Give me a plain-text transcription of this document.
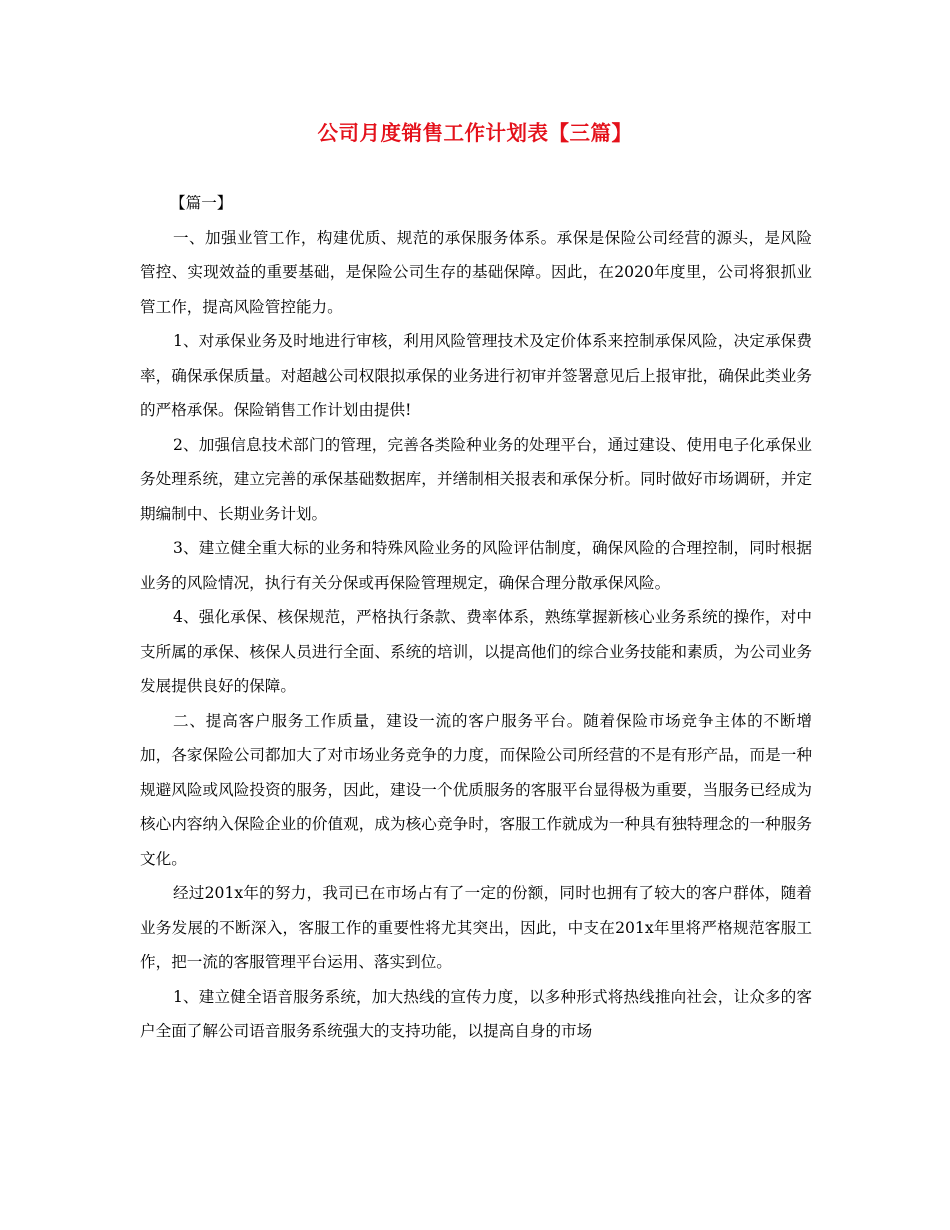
公司月度销售工作计划表【三篇】

【篇一】

一、加强业管工作，构建优质、规范的承保服务体系。承保是保险公司经营的源头，是风险管控、实现效益的重要基础，是保险公司生存的基础保障。因此，在2020年度里，公司将狠抓业管工作，提高风险管控能力。

1、对承保业务及时地进行审核，利用风险管理技术及定价体系来控制承保风险，决定承保费率，确保承保质量。对超越公司权限拟承保的业务进行初审并签署意见后上报审批，确保此类业务的严格承保。保险销售工作计划由提供!

2、加强信息技术部门的管理，完善各类险种业务的处理平台，通过建设、使用电子化承保业务处理系统，建立完善的承保基础数据库，并缮制相关报表和承保分析。同时做好市场调研，并定期编制中、长期业务计划。

3、建立健全重大标的业务和特殊风险业务的风险评估制度，确保风险的合理控制，同时根据业务的风险情况，执行有关分保或再保险管理规定，确保合理分散承保风险。

4、强化承保、核保规范，严格执行条款、费率体系，熟练掌握新核心业务系统的操作，对中支所属的承保、核保人员进行全面、系统的培训，以提高他们的综合业务技能和素质，为公司业务发展提供良好的保障。

二、提高客户服务工作质量，建设一流的客户服务平台。随着保险市场竞争主体的不断增加，各家保险公司都加大了对市场业务竞争的力度，而保险公司所经营的不是有形产品，而是一种规避风险或风险投资的服务，因此，建设一个优质服务的客服平台显得极为重要，当服务已经成为核心内容纳入保险企业的价值观，成为核心竞争时，客服工作就成为一种具有独特理念的一种服务文化。

经过201x年的努力，我司已在市场占有了一定的份额，同时也拥有了较大的客户群体，随着业务发展的不断深入，客服工作的重要性将尤其突出，因此，中支在201x年里将严格规范客服工作，把一流的客服管理平台运用、落实到位。

1、建立健全语音服务系统，加大热线的宣传力度，以多种形式将热线推向社会，让众多的客户全面了解公司语音服务系统强大的支持功能，以提高自身的市场
